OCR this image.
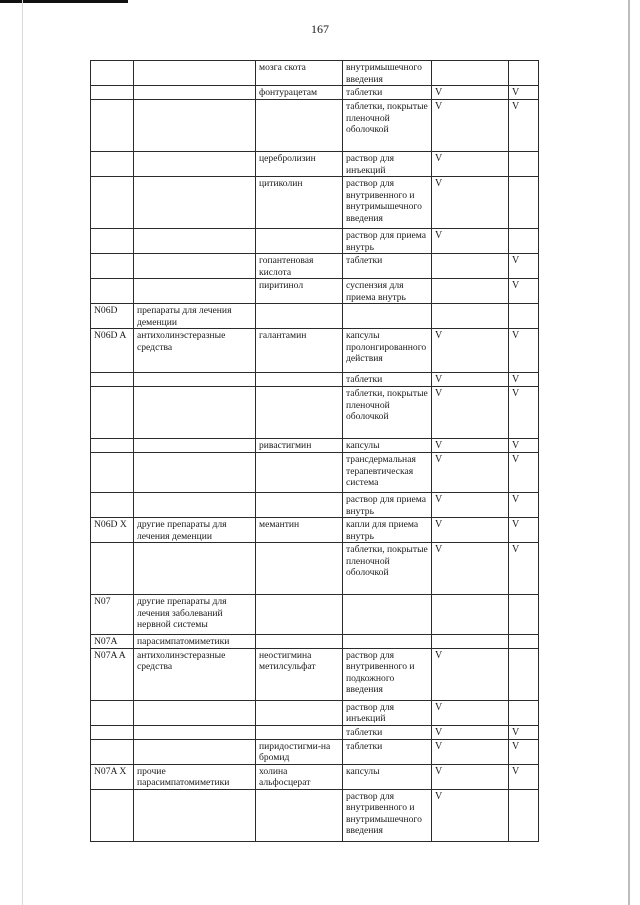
167
		мозга скота	внутримышечного введения		
		фонтурацетам	таблетки	V	V
			таблетки, покрытые пленочной оболочкой	V	V
		церебролизин	раствор для инъекций	V	
		цитиколин	раствор для внутривенного и внутримышечного введения	V	
			раствор для приема внутрь	V	
		гопантеновая кислота	таблетки		V
		пиритинол	суспензия для приема внутрь		V
N06D	препараты для лечения деменции				
N06D A	антихолинэстеразные средства	галантамин	капсулы пролонгированного действия	V	V
			таблетки	V	V
			таблетки, покрытые пленочной оболочкой	V	V
		ривастигмин	капсулы	V	V
			трансдермальная терапевтическая система	V	V
			раствор для приема внутрь	V	V
N06D X	другие препараты для лечения деменции	мемантин	капли для приема внутрь	V	V
			таблетки, покрытые пленочной оболочкой	V	V
N07	другие препараты для лечения заболеваний нервной системы				
N07A	парасимпатомиметики				
N07A A	антихолинэстеразные средства	неостигмина метилсульфат	раствор для внутривенного и подкожного введения	V	
			раствор для инъекций	V	
			таблетки	V	V
		пиридостигми-на бромид	таблетки	V	V
N07A X	прочие парасимпатомиметики	холина альфосцерат	капсулы	V	V
			раствор для внутривенного и внутримышечного введения	V	
